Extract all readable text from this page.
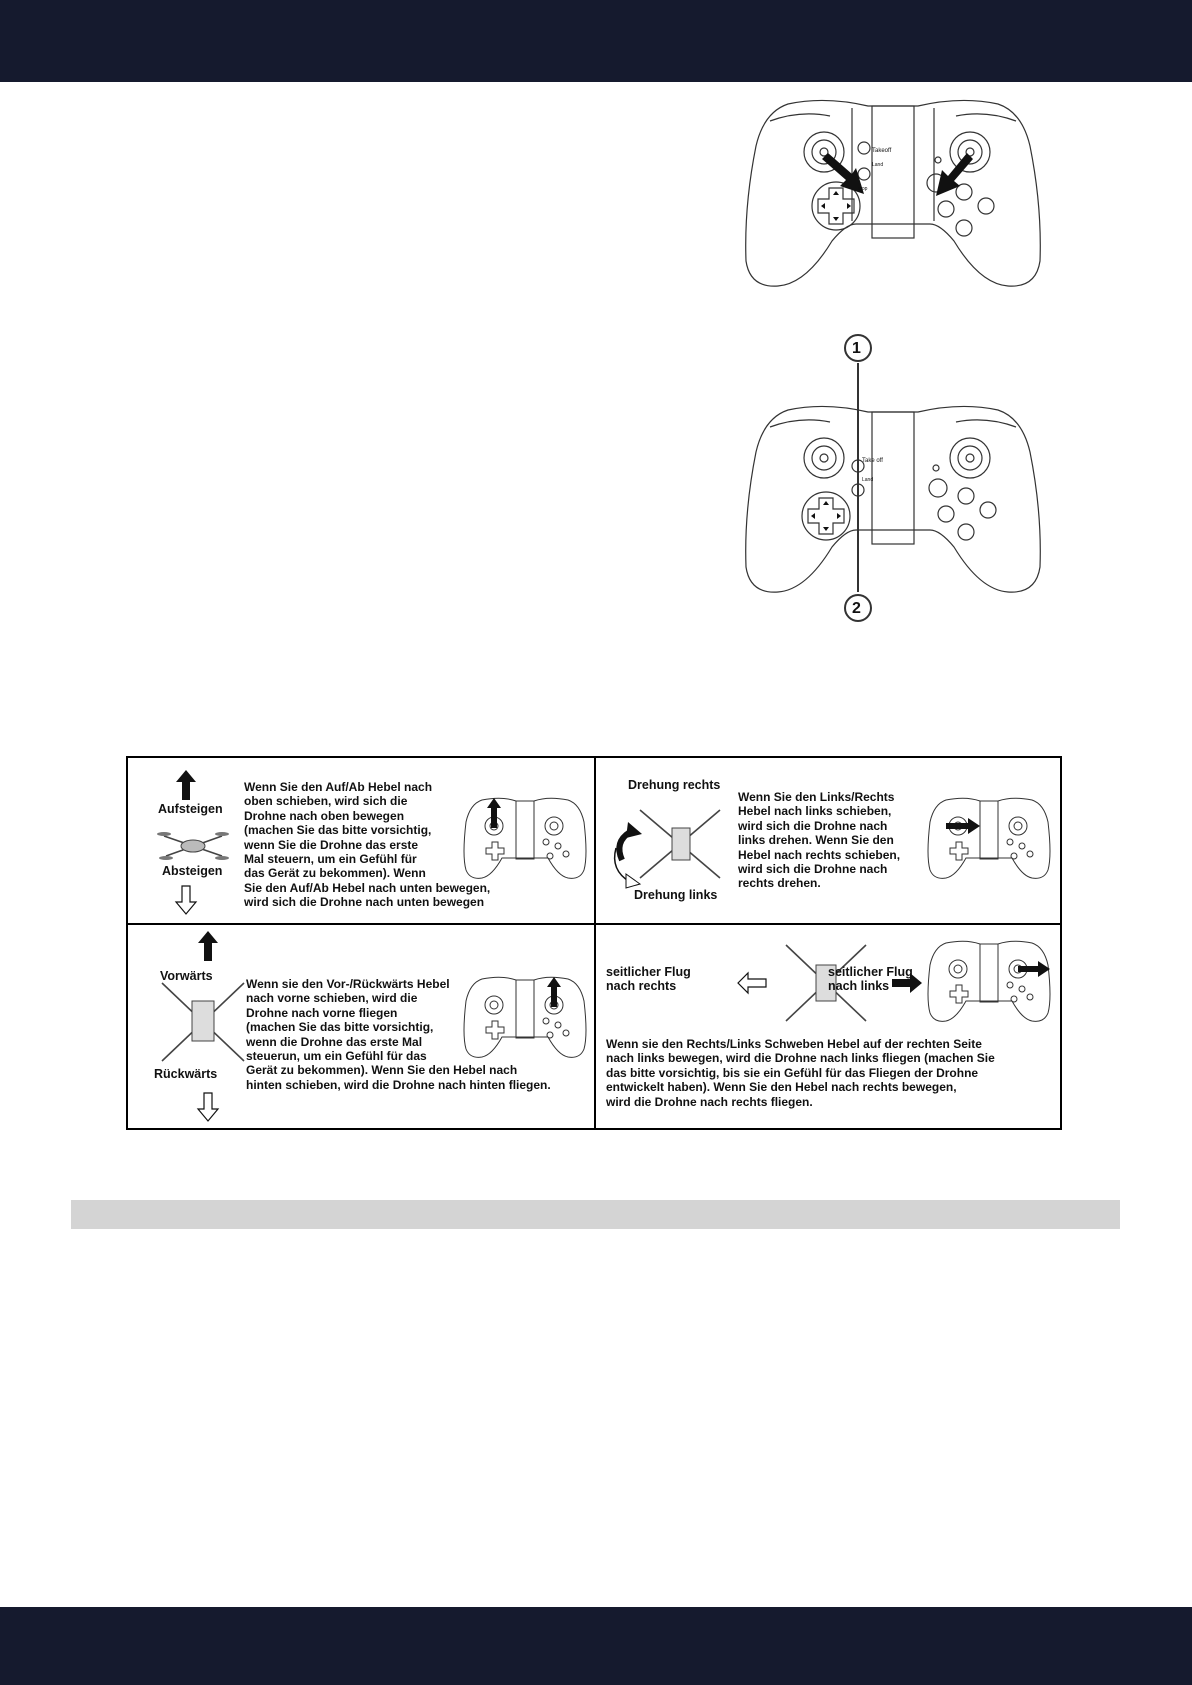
Takeoff
Land
stop
1
2
Take off
Land
Aufsteigen
Absteigen
Wenn Sie den Auf/Ab Hebel nach
oben schieben, wird sich die
Drohne nach oben bewegen
(machen Sie das bitte vorsichtig,
wenn Sie die Drohne das erste
Mal steuern, um ein Gefühl für
das Gerät zu bekommen). Wenn
Sie den Auf/Ab Hebel nach unten bewegen,
wird sich die Drohne nach unten bewegen
Drehung rechts
Drehung links
Wenn Sie den Links/Rechts
Hebel nach links schieben,
wird sich die Drohne nach
links drehen. Wenn Sie den
Hebel nach rechts schieben,
wird sich die Drohne nach
rechts drehen.
Vorwärts
Rückwärts
Wenn sie den Vor-/Rückwärts Hebel
nach vorne schieben, wird die
Drohne nach vorne fliegen
(machen Sie das bitte vorsichtig,
wenn die Drohne das erste Mal
steuerun, um ein Gefühl für das
Gerät zu bekommen). Wenn Sie den Hebel nach
hinten schieben, wird die Drohne nach hinten fliegen.
seitlicher Flug
nach rechts
seitlicher Flug
nach links
Wenn sie den Rechts/Links Schweben Hebel auf der rechten Seite
nach links bewegen, wird die Drohne nach links fliegen (machen Sie
das bitte vorsichtig, bis sie ein Gefühl für das Fliegen der Drohne
entwickelt haben). Wenn Sie den Hebel nach rechts bewegen,
wird die Drohne nach rechts fliegen.
